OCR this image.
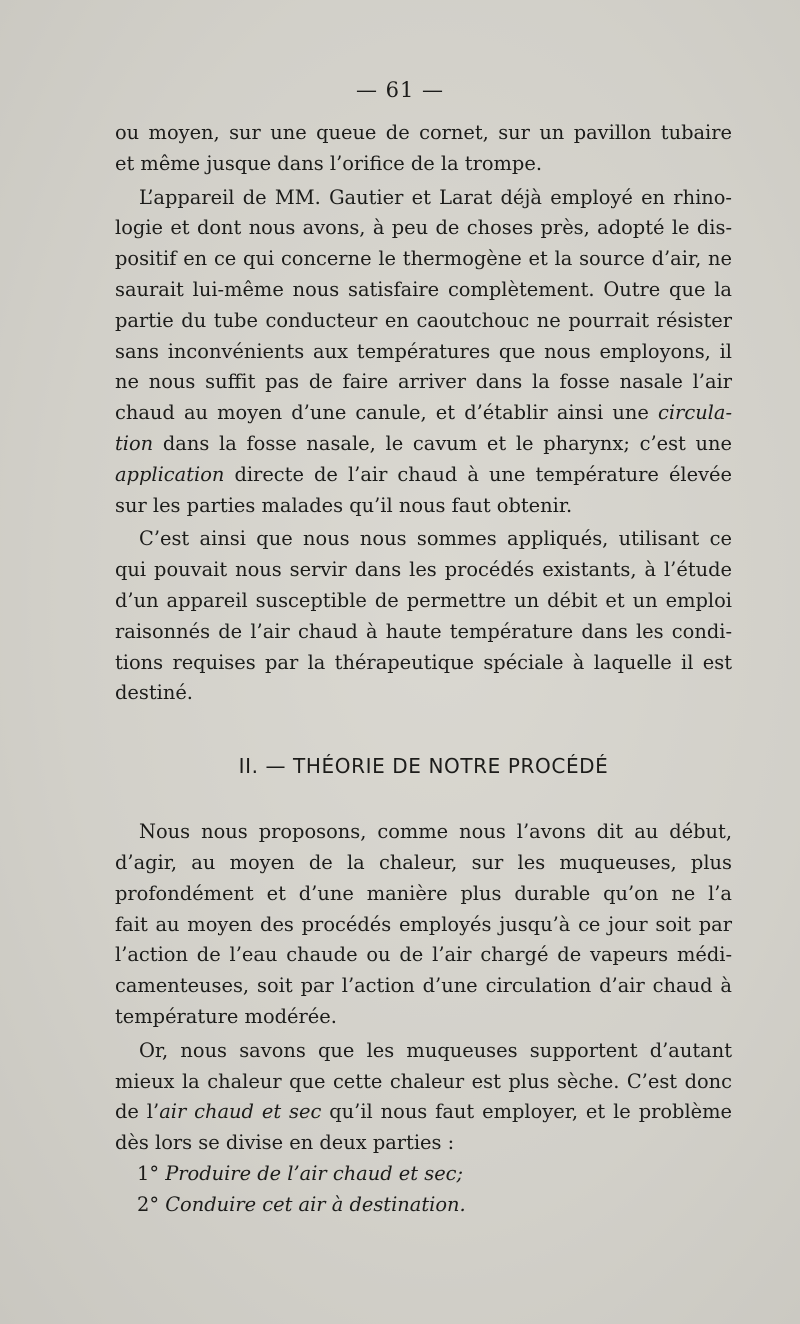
— 61 —

ou moyen, sur une queue de cornet, sur un pavillon tubaire
et même jusque dans l’orifice de la trompe.

L’appareil de MM. Gautier et Larat déjà employé en rhino-
logie et dont nous avons, à peu de choses près, adopté le dis-
positif en ce qui concerne le thermogène et la source d’air, ne
saurait lui-même nous satisfaire complètement. Outre que la
partie du tube conducteur en caoutchouc ne pourrait résister
sans inconvénients aux températures que nous employons, il
ne nous suffit pas de faire arriver dans la fosse nasale l’air
chaud au moyen d’une canule, et d’établir ainsi une circula-
tion dans la fosse nasale, le cavum et le pharynx; c’est une
application directe de l’air chaud à une température élevée
sur les parties malades qu’il nous faut obtenir.

C’est ainsi que nous nous sommes appliqués, utilisant ce
qui pouvait nous servir dans les procédés existants, à l’étude
d’un appareil susceptible de permettre un débit et un emploi
raisonnés de l’air chaud à haute température dans les condi-
tions requises par la thérapeutique spéciale à laquelle il est
destiné.

II. — THÉORIE DE NOTRE PROCÉDÉ

Nous nous proposons, comme nous l’avons dit au début,
d’agir, au moyen de la chaleur, sur les muqueuses, plus
profondément et d’une manière plus durable qu’on ne l’a
fait au moyen des procédés employés jusqu’à ce jour soit par
l’action de l’eau chaude ou de l’air chargé de vapeurs médi-
camenteuses, soit par l’action d’une circulation d’air chaud à
température modérée.

Or, nous savons que les muqueuses supportent d’autant
mieux la chaleur que cette chaleur est plus sèche. C’est donc
de l’air chaud et sec qu’il nous faut employer, et le problème
dès lors se divise en deux parties :

1° Produire de l’air chaud et sec;
2° Conduire cet air à destination.
